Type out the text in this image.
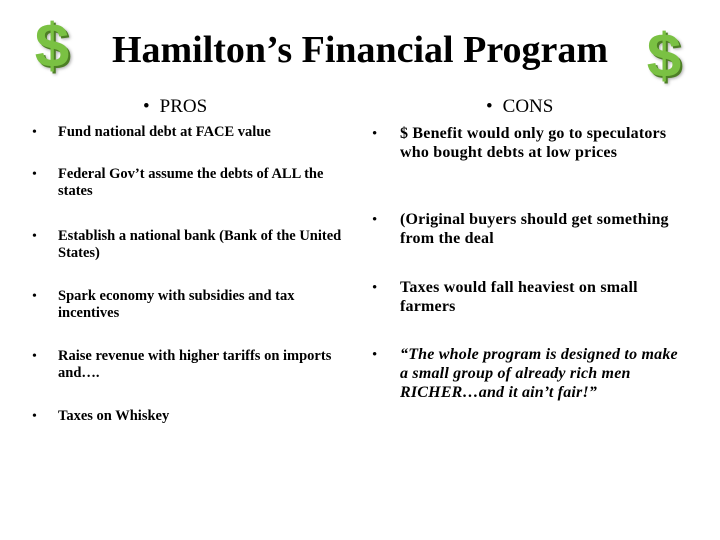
$	$
Hamilton’s Financial Program
• PROS	• CONS
• Fund national debt at FACE value
• Federal Gov’t assume the debts of ALL the states
• Establish a national bank (Bank of the United States)
• Spark economy with subsidies and tax incentives
• Raise revenue with higher tariffs on imports and….
• Taxes on Whiskey
• $ Benefit would only go to speculators who bought debts at low prices
• (Original buyers should get something from the deal
• Taxes would fall heaviest on small farmers
• “The whole program is designed to make a small group of already rich men RICHER…and it ain’t fair!”
